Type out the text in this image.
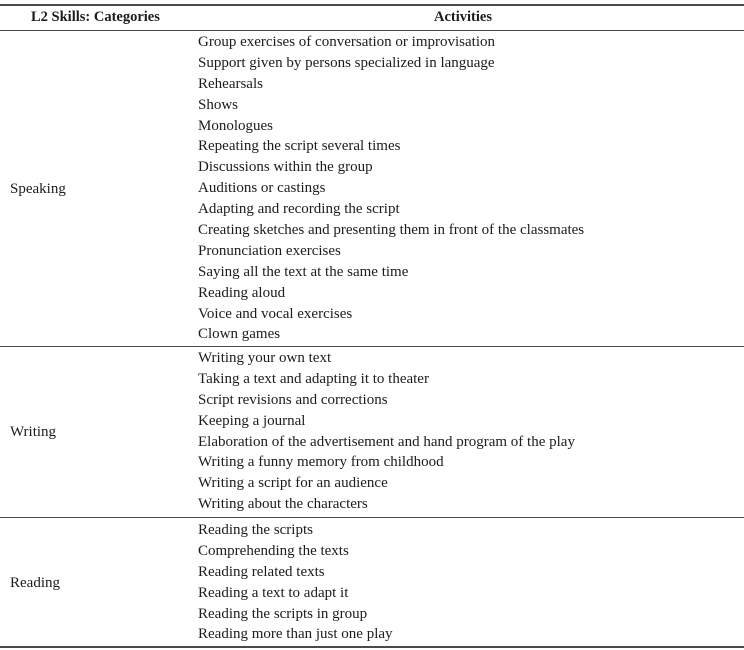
L2 Skills: Categories	Activities
Speaking
Group exercises of conversation or improvisation
Support given by persons specialized in language
Rehearsals
Shows
Monologues
Repeating the script several times
Discussions within the group
Auditions or castings
Adapting and recording the script
Creating sketches and presenting them in front of the classmates
Pronunciation exercises
Saying all the text at the same time
Reading aloud
Voice and vocal exercises
Clown games
Writing
Writing your own text
Taking a text and adapting it to theater
Script revisions and corrections
Keeping a journal
Elaboration of the advertisement and hand program of the play
Writing a funny memory from childhood
Writing a script for an audience
Writing about the characters
Reading
Reading the scripts
Comprehending the texts
Reading related texts
Reading a text to adapt it
Reading the scripts in group
Reading more than just one play
